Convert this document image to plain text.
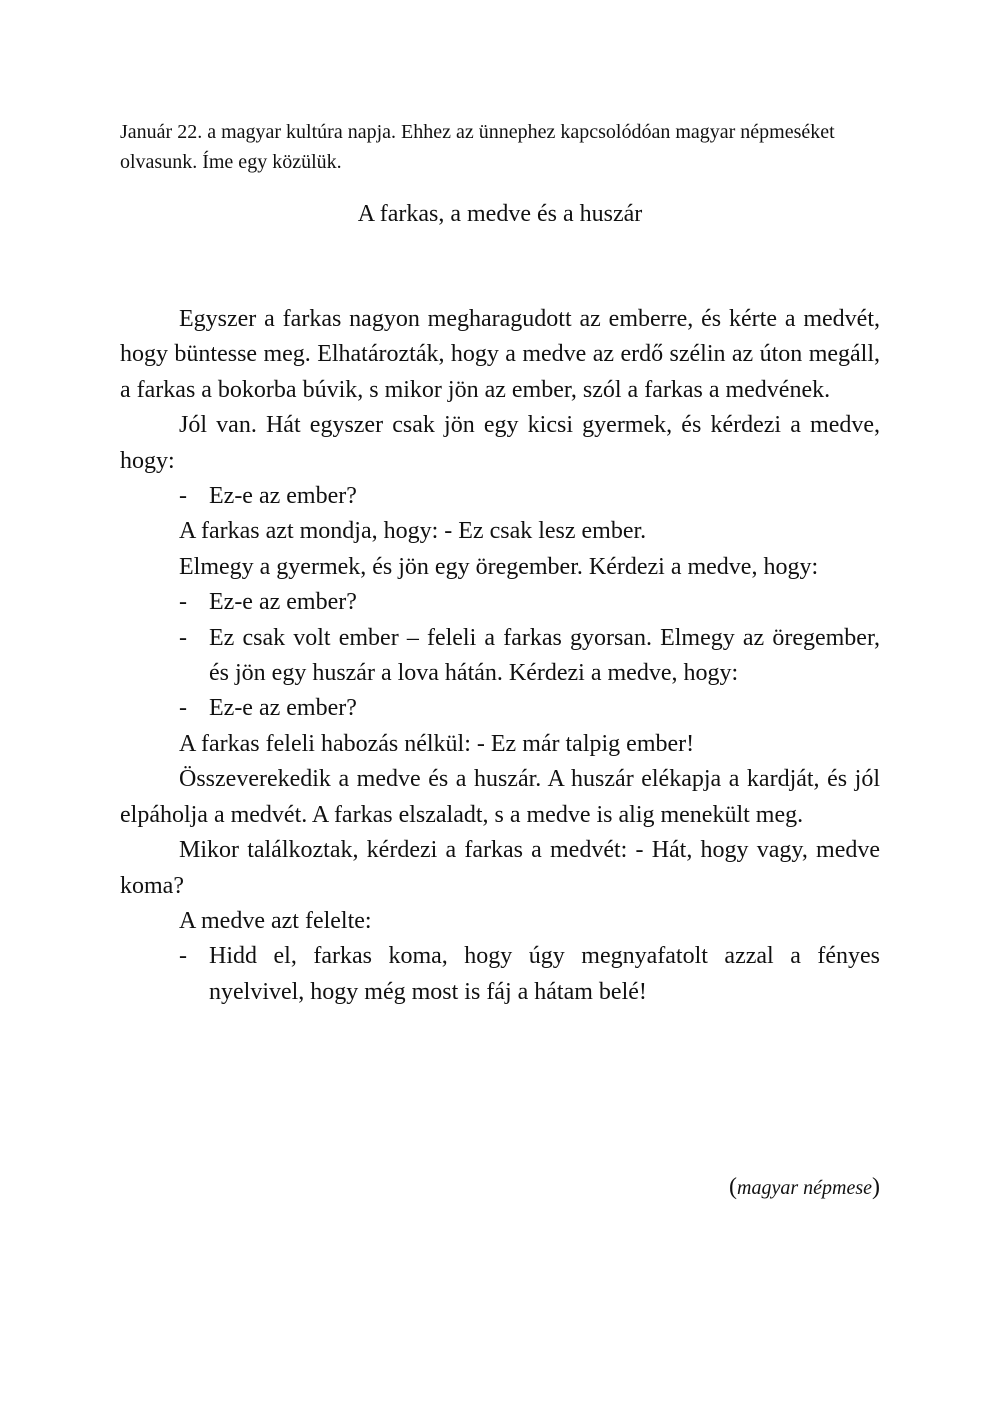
Január 22. a magyar kultúra napja. Ehhez az ünnephez kapcsolódóan magyar népmeséket olvasunk. Íme egy közülük.

A farkas, a medve és a huszár

Egyszer a farkas nagyon megharagudott az emberre, és kérte a medvét, hogy büntesse meg. Elhatározták, hogy a medve az erdő szélin az úton megáll, a farkas a bokorba búvik, s mikor jön az ember, szól a farkas a medvének.

Jól van. Hát egyszer csak jön egy kicsi gyermek, és kérdezi a medve, hogy:

- Ez-e az ember?

A farkas azt mondja, hogy: - Ez csak lesz ember.

Elmegy a gyermek, és jön egy öregember. Kérdezi a medve, hogy:

- Ez-e az ember?
- Ez csak volt ember – feleli a farkas gyorsan. Elmegy az öregember, és jön egy huszár a lova hátán. Kérdezi a medve, hogy:
- Ez-e az ember?

A farkas feleli habozás nélkül: - Ez már talpig ember!

Összeverekedik a medve és a huszár. A huszár elékapja a kardját, és jól elpáholja a medvét. A farkas elszaladt, s a medve is alig menekült meg.

Mikor találkoztak, kérdezi a farkas a medvét: - Hát, hogy vagy, medve koma?

A medve azt felelte:

- Hidd el, farkas koma, hogy úgy megnyafatolt azzal a fényes nyelvivel, hogy még most is fáj a hátam belé!

(magyar népmese)
